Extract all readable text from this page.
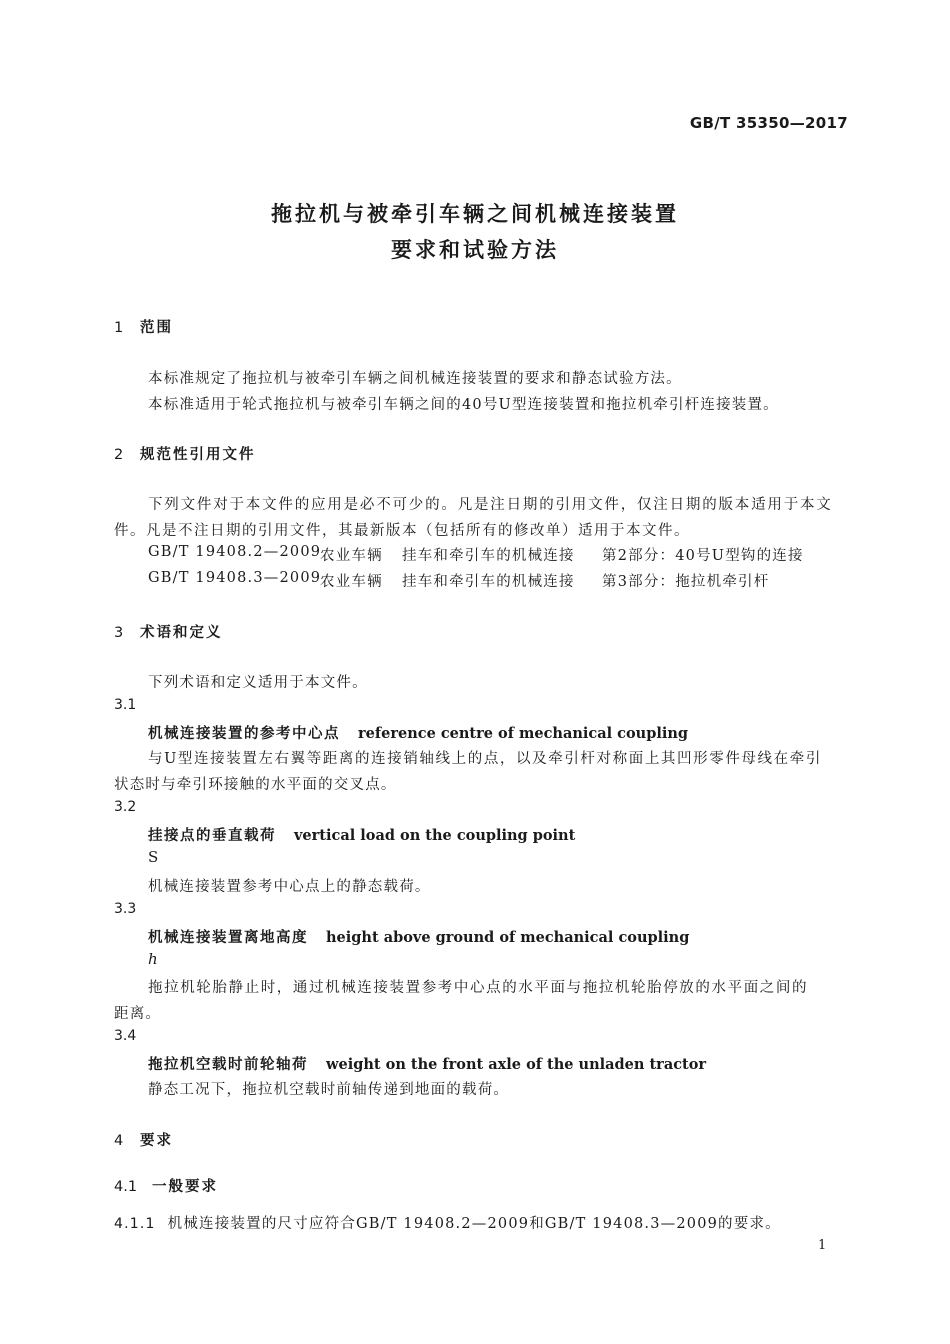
GB/T 35350—2017
拖拉机与被牵引车辆之间机械连接装置
要求和试验方法
1 范围
本标准规定了拖拉机与被牵引车辆之间机械连接装置的要求和静态试验方法。
本标准适用于轮式拖拉机与被牵引车辆之间的40号U型连接装置和拖拉机牵引杆连接装置。
2 规范性引用文件
下列文件对于本文件的应用是必不可少的。凡是注日期的引用文件，仅注日期的版本适用于本文
件。凡是不注日期的引用文件，其最新版本（包括所有的修改单）适用于本文件。
GB/T 19408.2—2009
农业车辆 挂车和牵引车的机械连接 第2部分：40号U型钩的连接
GB/T 19408.3—2009
农业车辆 挂车和牵引车的机械连接 第3部分：拖拉机牵引杆
3 术语和定义
下列术语和定义适用于本文件。
3.1
机械连接装置的参考中心点 reference centre of mechanical coupling
与U型连接装置左右翼等距离的连接销轴线上的点，以及牵引杆对称面上其凹形零件母线在牵引
状态时与牵引环接触的水平面的交叉点。
3.2
挂接点的垂直载荷 vertical load on the coupling point
S
机械连接装置参考中心点上的静态载荷。
3.3
机械连接装置离地高度 height above ground of mechanical coupling
h
拖拉机轮胎静止时，通过机械连接装置参考中心点的水平面与拖拉机轮胎停放的水平面之间的
距离。
3.4
拖拉机空载时前轮轴荷 weight on the front axle of the unladen tractor
静态工况下，拖拉机空载时前轴传递到地面的载荷。
4 要求
4.1 一般要求
4.1.1 机械连接装置的尺寸应符合GB/T 19408.2—2009和GB/T 19408.3—2009的要求。
1
